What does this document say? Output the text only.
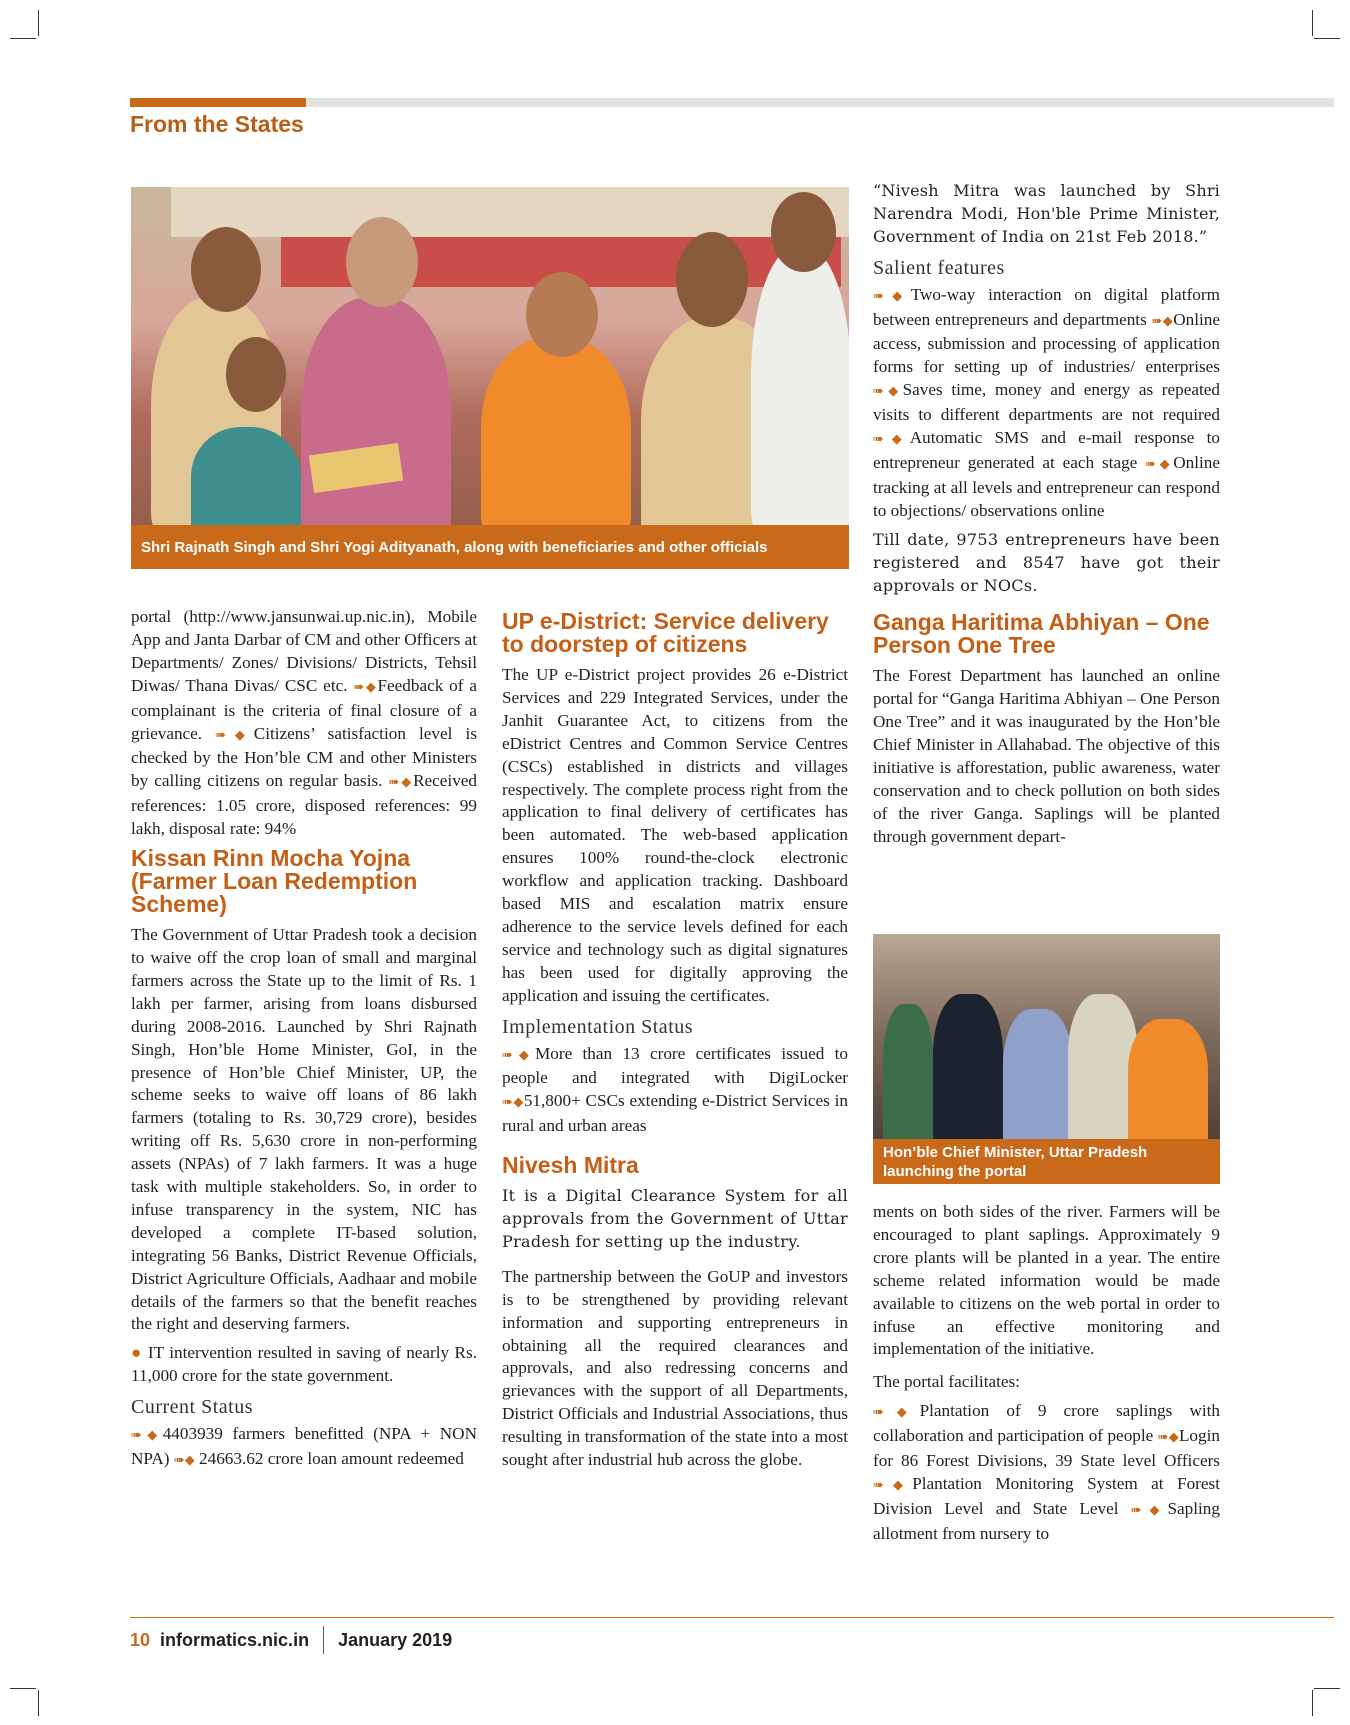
From the States
Shri Rajnath Singh and Shri Yogi Adityanath, along with beneficiaries and other officials

portal (http://www.jansunwai.up.nic.in), Mobile App and Janta Darbar of CM and other Officers at Departments/ Zones/ Divisions/ Districts, Tehsil Diwas/ Thana Divas/ CSC etc. ➠◆Feedback of a complainant is the criteria of final closure of a grievance. ➠◆Citizens’ satisfaction level is checked by the Hon’ble CM and other Ministers by calling citizens on regular basis. ➠◆Received references: 1.05 crore, disposed references: 99 lakh, disposal rate: 94%

Kissan Rinn Mocha Yojna (Farmer Loan Redemption Scheme)

The Government of Uttar Pradesh took a decision to waive off the crop loan of small and marginal farmers across the State up to the limit of Rs. 1 lakh per farmer, arising from loans disbursed during 2008-2016. Launched by Shri Rajnath Singh, Hon’ble Home Minister, GoI, in the presence of Hon’ble Chief Minister, UP, the scheme seeks to waive off loans of 86 lakh farmers (totaling to Rs. 30,729 crore), besides writing off Rs. 5,630 crore in non-performing assets (NPAs) of 7 lakh farmers. It was a huge task with multiple stakeholders. So, in order to infuse transparency in the system, NIC has developed a complete IT-based solution, integrating 56 Banks, District Revenue Officials, District Agriculture Officials, Aadhaar and mobile details of the farmers so that the benefit reaches the right and deserving farmers.

● IT intervention resulted in saving of nearly Rs. 11,000 crore for the state government.

Current Status

➠◆4403939 farmers benefitted (NPA + NON NPA) ➠◆ 24663.62 crore loan amount redeemed

UP e-District: Service delivery to doorstep of citizens

The UP e-District project provides 26 e-District Services and 229 Integrated Services, under the Janhit Guarantee Act, to citizens from the eDistrict Centres and Common Service Centres (CSCs) established in districts and villages respectively. The complete process right from the application to final delivery of certificates has been automated. The web-based application ensures 100% round-the-clock electronic workflow and application tracking. Dashboard based MIS and escalation matrix ensure adherence to the service levels defined for each service and technology such as digital signatures has been used for digitally approving the application and issuing the certificates.

Implementation Status

➠◆More than 13 crore certificates issued to people and integrated with DigiLocker ➠◆51,800+ CSCs extending e-District Services in rural and urban areas

Nivesh Mitra

It is a Digital Clearance System for all approvals from the Government of Uttar Pradesh for setting up the industry.

The partnership between the GoUP and investors is to be strengthened by providing relevant information and supporting entrepreneurs in obtaining all the required clearances and approvals, and also redressing concerns and grievances with the support of all Departments, District Officials and Industrial Associations, thus resulting in transformation of the state into a most sought after industrial hub across the globe.

“Nivesh Mitra was launched by Shri Narendra Modi, Hon'ble Prime Minister, Government of India on 21st Feb 2018.”

Salient features

➠◆Two-way interaction on digital platform between entrepreneurs and departments ➠◆Online access, submission and processing of application forms for setting up of industries/ enterprises ➠◆Saves time, money and energy as repeated visits to different departments are not required ➠◆Automatic SMS and e-mail response to entrepreneur generated at each stage ➠◆Online tracking at all levels and entrepreneur can respond to objections/ observations online

Till date, 9753 entrepreneurs have been registered and 8547 have got their approvals or NOCs.

Ganga Haritima Abhiyan – One Person One Tree

The Forest Department has launched an online portal for “Ganga Haritima Abhiyan – One Person One Tree” and it was inaugurated by the Hon’ble Chief Minister in Allahabad. The objective of this initiative is afforestation, public awareness, water conservation and to check pollution on both sides of the river Ganga. Saplings will be planted through government depart-

Hon’ble Chief Minister, Uttar Pradesh launching the portal

ments on both sides of the river. Farmers will be encouraged to plant saplings. Approximately 9 crore plants will be planted in a year. The entire scheme related information would be made available to citizens on the web portal in order to infuse an effective monitoring and implementation of the initiative.

The portal facilitates:

➠◆Plantation of 9 crore saplings with collaboration and participation of people ➠◆Login for 86 Forest Divisions, 39 State level Officers ➠◆Plantation Monitoring System at Forest Division Level and State Level ➠◆Sapling allotment from nursery to

10 informatics.nic.in January 2019
